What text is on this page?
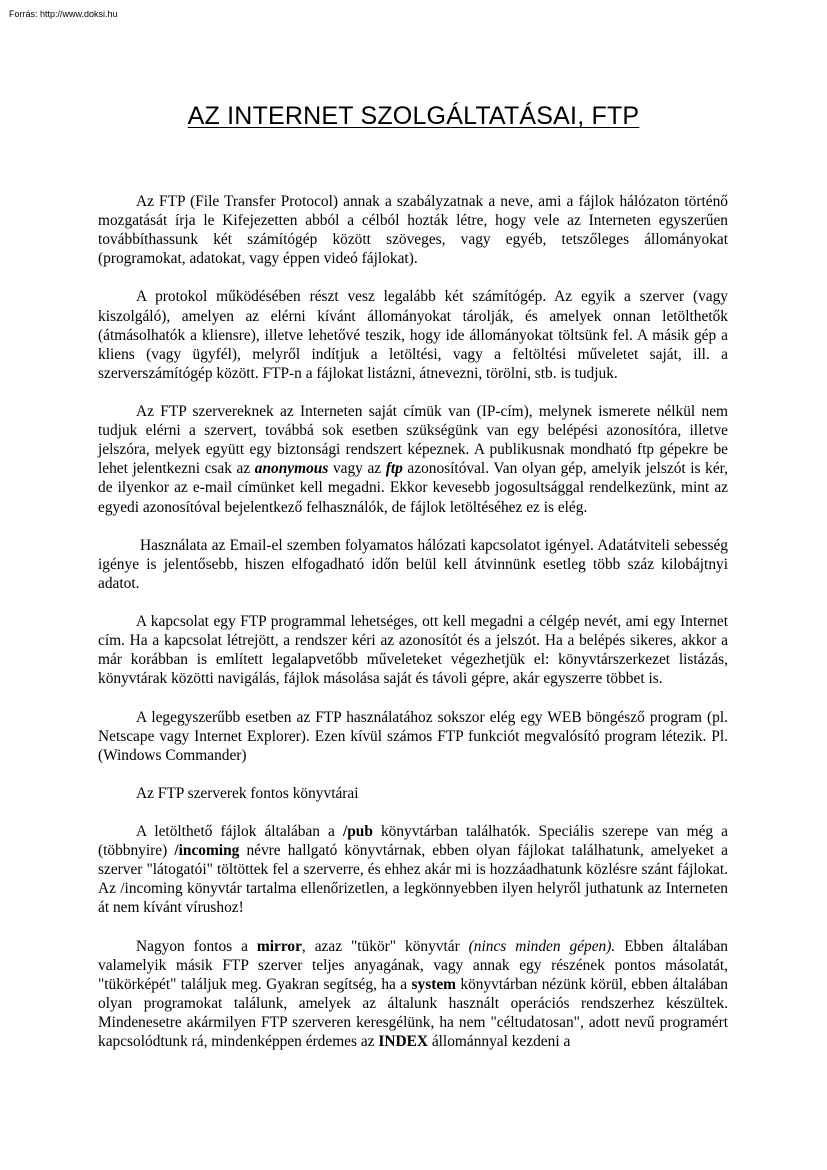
Forrás: http://www.doksi.hu
AZ INTERNET SZOLGÁLTATÁSAI, FTP

Az FTP (File Transfer Protocol) annak a szabályzatnak a neve, ami a fájlok hálózaton történő mozgatását írja le Kifejezetten abból a célból hozták létre, hogy vele az Interneten egyszerűen továbbíthassunk két számítógép között szöveges, vagy egyéb, tetszőleges állományokat (programokat, adatokat, vagy éppen videó fájlokat).

A protokol működésében részt vesz legalább két számítógép. Az egyik a szerver (vagy kiszolgáló), amelyen az elérni kívánt állományokat tárolják, és amelyek onnan letölthetők (átmásolhatók a kliensre), illetve lehetővé teszik, hogy ide állományokat töltsünk fel. A másik gép a kliens (vagy ügyfél), melyről indítjuk a letöltési, vagy a feltöltési műveletet saját, ill. a szerverszámítógép között. FTP-n a fájlokat listázni, átnevezni, törölni, stb. is tudjuk.

Az FTP szervereknek az Interneten saját címük van (IP-cím), melynek ismerete nélkül nem tudjuk elérni a szervert, továbbá sok esetben szükségünk van egy belépési azonosítóra, illetve jelszóra, melyek együtt egy biztonsági rendszert képeznek. A publikusnak mondható ftp gépekre be lehet jelentkezni csak az anonymous vagy az ftp azonosítóval. Van olyan gép, amelyik jelszót is kér, de ilyenkor az e-mail címünket kell megadni. Ekkor kevesebb jogosultsággal rendelkezünk, mint az egyedi azonosítóval bejelentkező felhasználók, de fájlok letöltéséhez ez is elég.

Használata az Email-el szemben folyamatos hálózati kapcsolatot igényel. Adatátviteli sebesség igénye is jelentősebb, hiszen elfogadható időn belül kell átvinnünk esetleg több száz kilobájtnyi adatot.

A kapcsolat egy FTP programmal lehetséges, ott kell megadni a célgép nevét, ami egy Internet cím. Ha a kapcsolat létrejött, a rendszer kéri az azonosítót és a jelszót. Ha a belépés sikeres, akkor a már korábban is említett legalapvetőbb műveleteket végezhetjük el: könyvtárszerkezet listázás, könyvtárak közötti navigálás, fájlok másolása saját és távoli gépre, akár egyszerre többet is.

A legegyszerűbb esetben az FTP használatához sokszor elég egy WEB böngésző program (pl. Netscape vagy Internet Explorer). Ezen kívül számos FTP funkciót megvalósító program létezik. Pl. (Windows Commander)

Az FTP szerverek fontos könyvtárai

A letölthető fájlok általában a /pub könyvtárban találhatók. Speciális szerepe van még a (többnyire) /incoming névre hallgató könyvtárnak, ebben olyan fájlokat találhatunk, amelyeket a szerver "látogatói" töltöttek fel a szerverre, és ehhez akár mi is hozzáadhatunk közlésre szánt fájlokat. Az /incoming könyvtár tartalma ellenőrizetlen, a legkönnyebben ilyen helyről juthatunk az Interneten át nem kívánt vírushoz!

Nagyon fontos a mirror, azaz "tükör" könyvtár (nincs minden gépen). Ebben általában valamelyik másik FTP szerver teljes anyagának, vagy annak egy részének pontos másolatát, "tükörképét" találjuk meg. Gyakran segítség, ha a system könyvtárban nézünk körül, ebben általában olyan programokat találunk, amelyek az általunk használt operációs rendszerhez készültek. Mindenesetre akármilyen FTP szerveren keresgélünk, ha nem "céltudatosan", adott nevű programért kapcsolódtunk rá, mindenképpen érdemes az INDEX állománnyal kezdeni a
